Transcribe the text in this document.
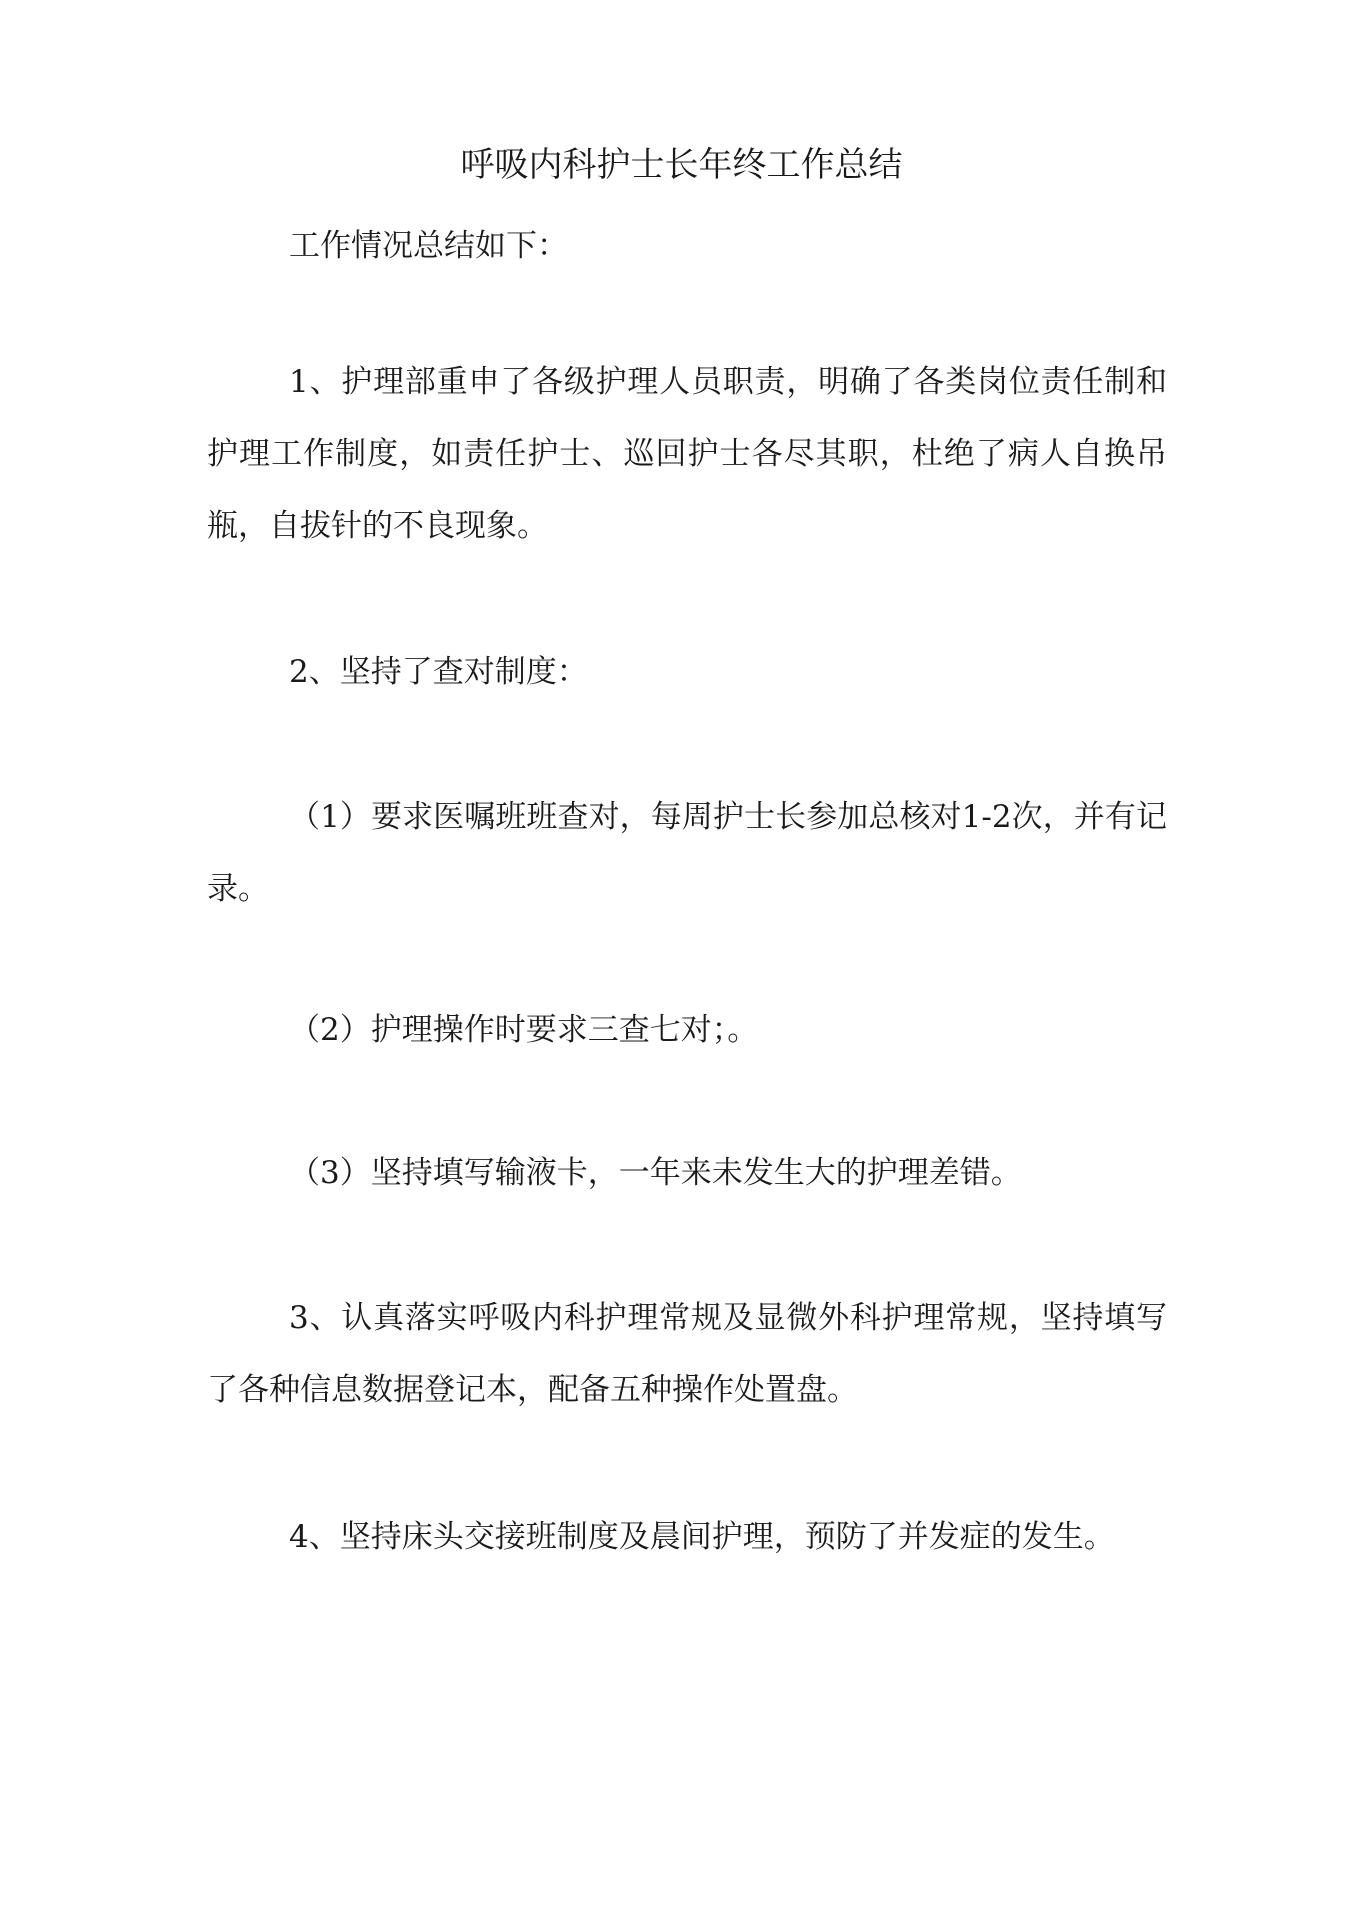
呼吸内科护士长年终工作总结

工作情况总结如下：

1、护理部重申了各级护理人员职责，明确了各类岗位责任制和护理工作制度，如责任护士、巡回护士各尽其职，杜绝了病人自换吊瓶，自拔针的不良现象。

2、坚持了查对制度：

（1）要求医嘱班班查对，每周护士长参加总核对1-2次，并有记录。

（2）护理操作时要求三查七对；。

（3）坚持填写输液卡，一年来未发生大的护理差错。

3、认真落实呼吸内科护理常规及显微外科护理常规，坚持填写了各种信息数据登记本，配备五种操作处置盘。

4、坚持床头交接班制度及晨间护理，预防了并发症的发生。
